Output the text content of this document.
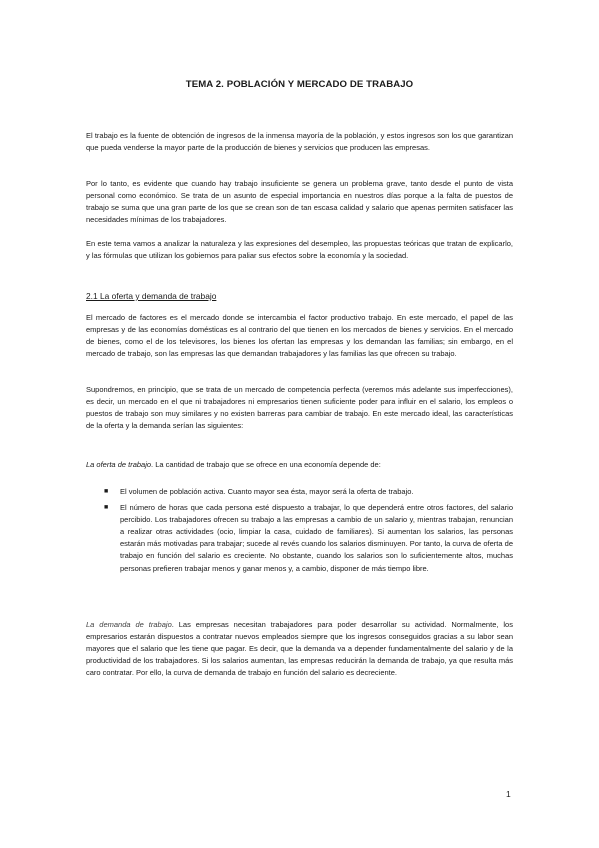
TEMA 2. POBLACIÓN Y MERCADO DE TRABAJO

El trabajo es la fuente de obtención de ingresos de la inmensa mayoría de la población, y estos ingresos son los que garantizan que pueda venderse la mayor parte de la producción de bienes y servicios que producen las empresas.

Por lo tanto, es evidente que cuando hay trabajo insuficiente se genera un problema grave, tanto desde el punto de vista personal como económico. Se trata de un asunto de especial importancia en nuestros días porque a la falta de puestos de trabajo se suma que una gran parte de los que se crean son de tan escasa calidad y salario que apenas permiten satisfacer las necesidades mínimas de los trabajadores.

En este tema vamos a analizar la naturaleza y las expresiones del desempleo, las propuestas teóricas que tratan de explicarlo, y las fórmulas que utilizan los gobiernos para paliar sus efectos sobre la economía y la sociedad.

2.1 La oferta y demanda de trabajo

El mercado de factores es el mercado donde se intercambia el factor productivo trabajo. En este mercado, el papel de las empresas y de las economías domésticas es al contrario del que tienen en los mercados de bienes y servicios. En el mercado de bienes, como el de los televisores, los bienes los ofertan las empresas y los demandan las familias; sin embargo, en el mercado de trabajo, son las empresas las que demandan trabajadores y las familias las que ofrecen su trabajo.

Supondremos, en principio, que se trata de un mercado de competencia perfecta (veremos más adelante sus imperfecciones), es decir, un mercado en el que ni trabajadores ni empresarios tienen suficiente poder para influir en el salario, los empleos o puestos de trabajo son muy similares y no existen barreras para cambiar de trabajo. En este mercado ideal, las características de la oferta y la demanda serían las siguientes:

La oferta de trabajo. La cantidad de trabajo que se ofrece en una economía depende de:

■ El volumen de población activa. Cuanto mayor sea ésta, mayor será la oferta de trabajo.
■ El número de horas que cada persona esté dispuesto a trabajar, lo que dependerá entre otros factores, del salario percibido. Los trabajadores ofrecen su trabajo a las empresas a cambio de un salario y, mientras trabajan, renuncian a realizar otras actividades (ocio, limpiar la casa, cuidado de familiares). Si aumentan los salarios, las personas estarán más motivadas para trabajar; sucede al revés cuando los salarios disminuyen. Por tanto, la curva de oferta de trabajo en función del salario es creciente. No obstante, cuando los salarios son lo suficientemente altos, muchas personas prefieren trabajar menos y ganar menos y, a cambio, disponer de más tiempo libre.

La demanda de trabajo. Las empresas necesitan trabajadores para poder desarrollar su actividad. Normalmente, los empresarios estarán dispuestos a contratar nuevos empleados siempre que los ingresos conseguidos gracias a su labor sean mayores que el salario que les tiene que pagar. Es decir, que la demanda va a depender fundamentalmente del salario y de la productividad de los trabajadores. Si los salarios aumentan, las empresas reducirán la demanda de trabajo, ya que resulta más caro contratar. Por ello, la curva de demanda de trabajo en función del salario es decreciente.

1
